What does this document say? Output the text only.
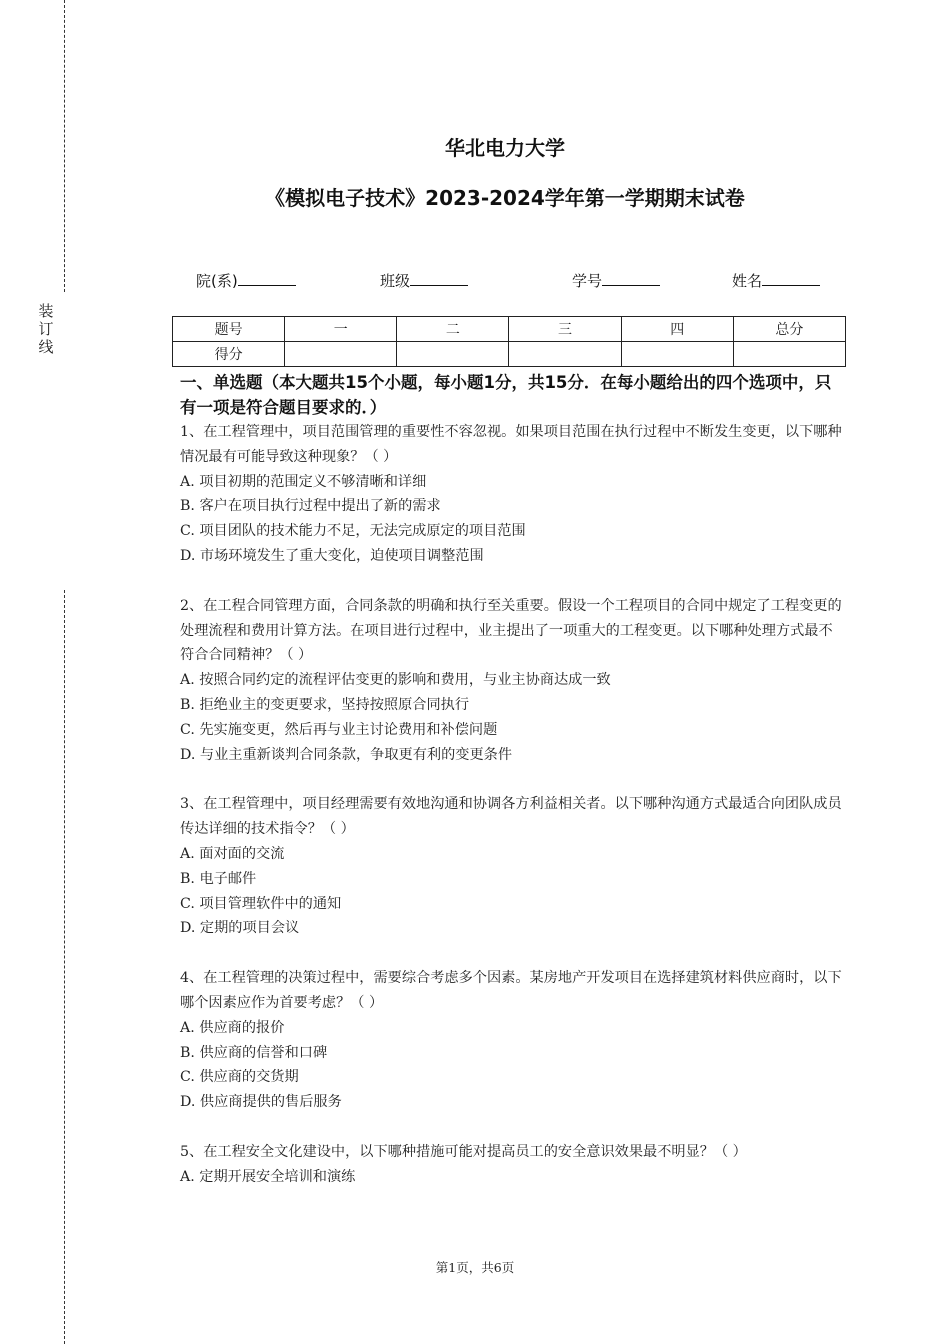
装
订
线
华北电力大学
《模拟电子技术》2023-2024学年第一学期期末试卷
院(系)	班级	学号	姓名
题号	一	二	三	四	总分
得分					
一、单选题（本大题共15个小题，每小题1分，共15分．在每小题给出的四个选项中，只有一项是符合题目要求的．）
1、在工程管理中，项目范围管理的重要性不容忽视。如果项目范围在执行过程中不断发生变更，以下哪种情况最有可能导致这种现象？（ ）
A. 项目初期的范围定义不够清晰和详细
B. 客户在项目执行过程中提出了新的需求
C. 项目团队的技术能力不足，无法完成原定的项目范围
D. 市场环境发生了重大变化，迫使项目调整范围
2、在工程合同管理方面，合同条款的明确和执行至关重要。假设一个工程项目的合同中规定了工程变更的处理流程和费用计算方法。在项目进行过程中，业主提出了一项重大的工程变更。以下哪种处理方式最不符合合同精神？（ ）
A. 按照合同约定的流程评估变更的影响和费用，与业主协商达成一致
B. 拒绝业主的变更要求，坚持按照原合同执行
C. 先实施变更，然后再与业主讨论费用和补偿问题
D. 与业主重新谈判合同条款，争取更有利的变更条件
3、在工程管理中，项目经理需要有效地沟通和协调各方利益相关者。以下哪种沟通方式最适合向团队成员传达详细的技术指令？（ ）
A. 面对面的交流
B. 电子邮件
C. 项目管理软件中的通知
D. 定期的项目会议
4、在工程管理的决策过程中，需要综合考虑多个因素。某房地产开发项目在选择建筑材料供应商时，以下哪个因素应作为首要考虑？（ ）
A. 供应商的报价
B. 供应商的信誉和口碑
C. 供应商的交货期
D. 供应商提供的售后服务
5、在工程安全文化建设中，以下哪种措施可能对提高员工的安全意识效果最不明显？（ ）
A. 定期开展安全培训和演练
第1页，共6页
